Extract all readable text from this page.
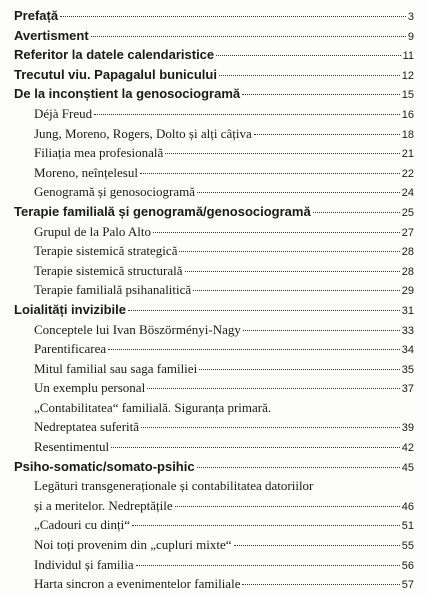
Prefață	3
Avertisment	9
Referitor la datele calendaristice	11
Trecutul viu. Papagalul bunicului	12
De la inconștient la genosociogramă	15
Déjà Freud	16
Jung, Moreno, Rogers, Dolto și alți câțiva	18
Filiația mea profesională	21
Moreno, neînțelesul	22
Genogramă și genosociogramă	24
Terapie familială și genogramă/genosociogramă	25
Grupul de la Palo Alto	27
Terapie sistemică strategică	28
Terapie sistemică structurală	28
Terapie familială psihanalitică	29
Loialități invizibile	31
Conceptele lui Ivan Böszörményi-Nagy	33
Parentificarea	34
Mitul familial sau saga familiei	35
Un exemplu personal	37
„Contabilitatea“ familială. Siguranța primară.
Nedreptatea suferită	39
Resentimentul	42
Psiho-somatic/somato-psihic	45
Legături transgeneraționale și contabilitatea datoriilor
și a meritelor. Nedreptățile	46
„Cadouri cu dinți“	51
Noi toți provenim din „cupluri mixte“	55
Individul și familia	56
Harta sincron a evenimentelor familiale	57
